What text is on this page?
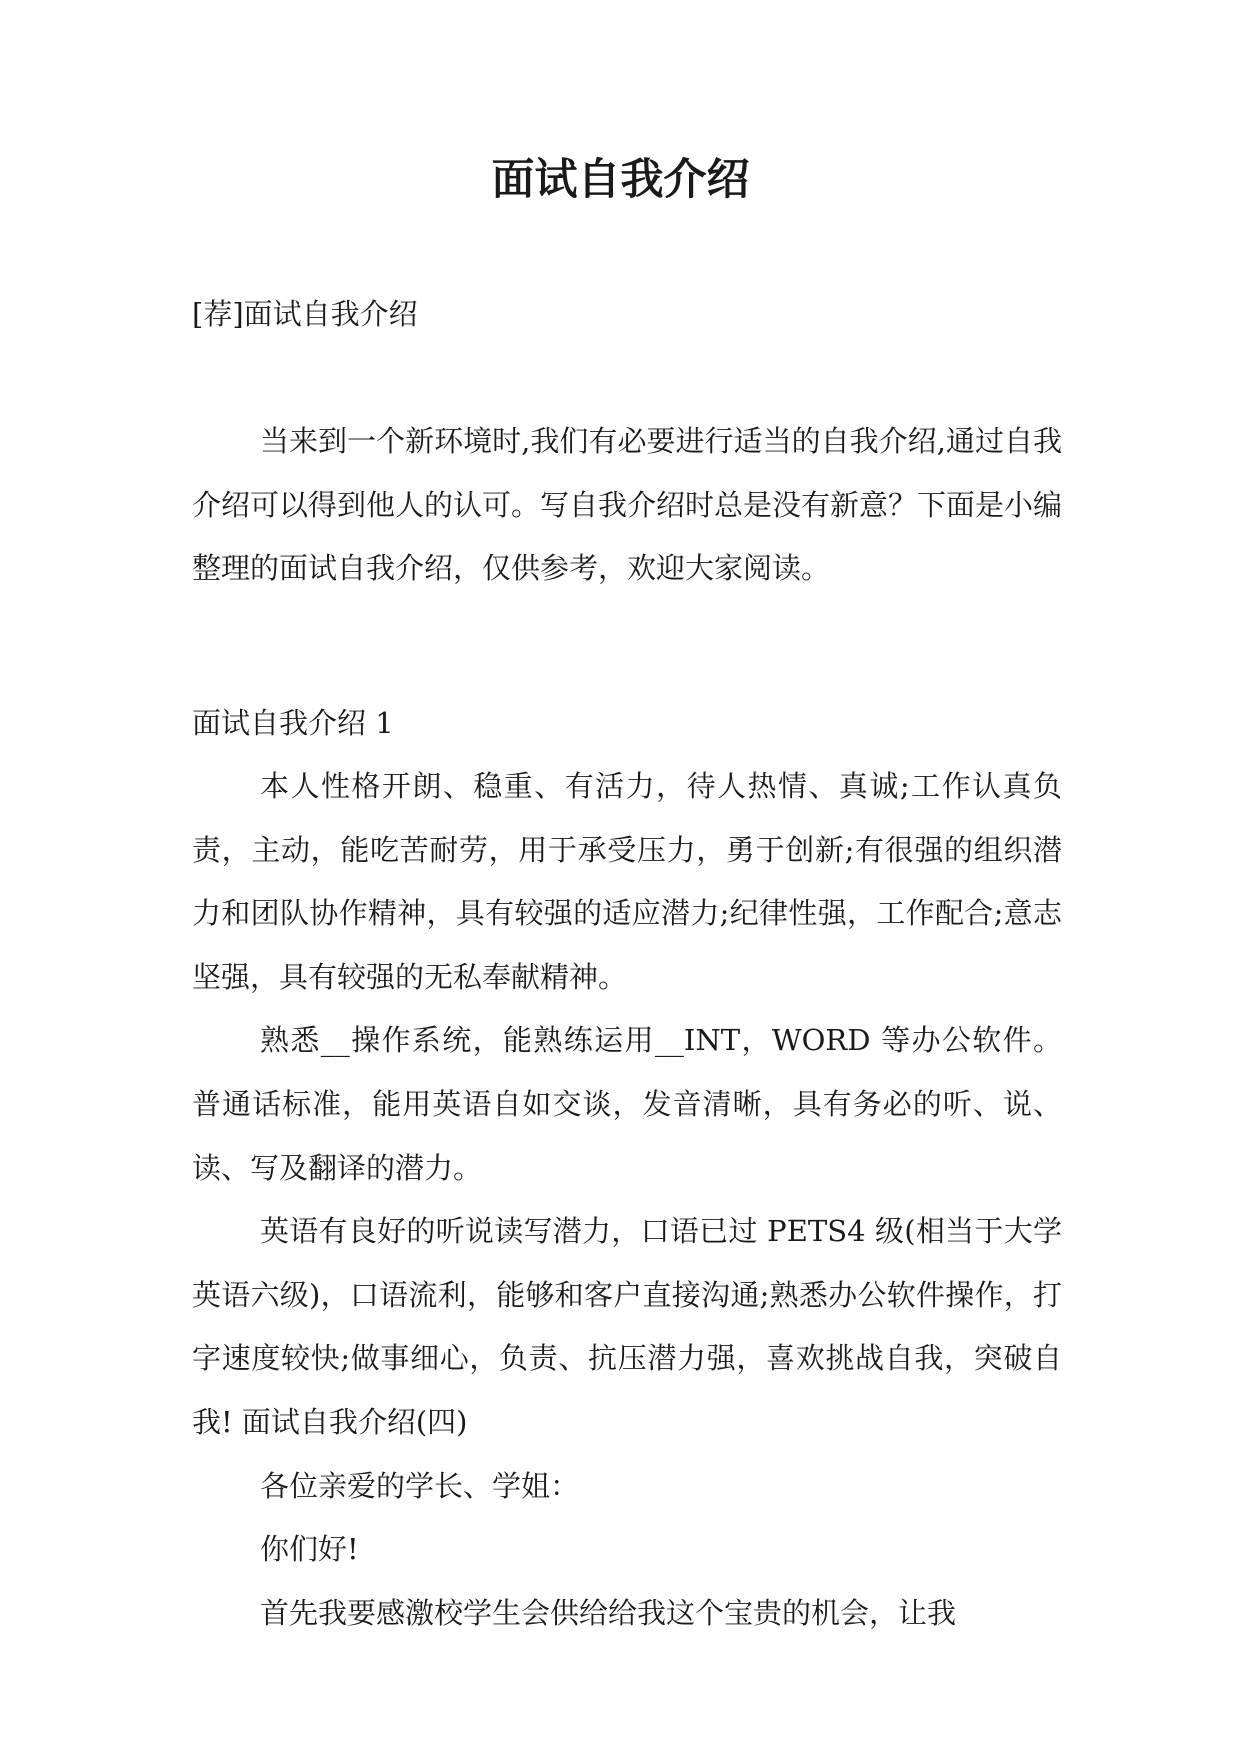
面试自我介绍
[荐]面试自我介绍

当来到一个新环境时,我们有必要进行适当的自我介绍,通过自我介绍可以得到他人的认可。写自我介绍时总是没有新意？下面是小编整理的面试自我介绍，仅供参考，欢迎大家阅读。

面试自我介绍 1

本人性格开朗、稳重、有活力，待人热情、真诚;工作认真负责，主动，能吃苦耐劳，用于承受压力，勇于创新;有很强的组织潜力和团队协作精神，具有较强的适应潜力;纪律性强，工作配合;意志坚强，具有较强的无私奉献精神。

熟悉__操作系统，能熟练运用__INT，WORD 等办公软件。普通话标准，能用英语自如交谈，发音清晰，具有务必的听、说、读、写及翻译的潜力。

英语有良好的听说读写潜力，口语已过 PETS4 级(相当于大学英语六级)，口语流利，能够和客户直接沟通;熟悉办公软件操作，打字速度较快;做事细心，负责、抗压潜力强，喜欢挑战自我，突破自我! 面试自我介绍(四)

各位亲爱的学长、学姐：

你们好!

首先我要感激校学生会供给给我这个宝贵的机会，让我
